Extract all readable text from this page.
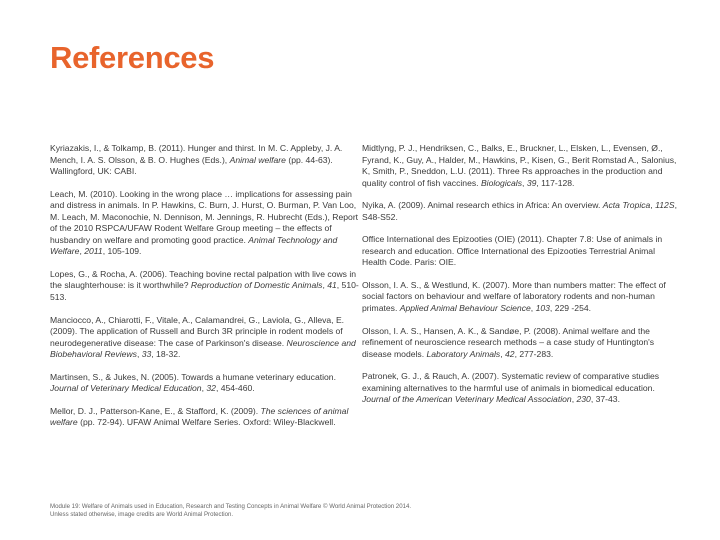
References

Kyriazakis, I., & Tolkamp, B. (2011). Hunger and thirst. In M. C. Appleby, J. A. Mench, I. A. S. Olsson, & B. O. Hughes (Eds.), Animal welfare (pp. 44-63). Wallingford, UK: CABI.

Leach, M. (2010). Looking in the wrong place … implications for assessing pain and distress in animals. In P. Hawkins, C. Burn, J. Hurst, O. Burman, P. Van Loo, M. Leach, M. Maconochie, N. Dennison, M. Jennings, R. Hubrecht (Eds.), Report of the 2010 RSPCA/UFAW Rodent Welfare Group meeting – the effects of husbandry on welfare and promoting good practice. Animal Technology and Welfare, 2011, 105-109.

Lopes, G., & Rocha, A. (2006). Teaching bovine rectal palpation with live cows in the slaughterhouse: is it worthwhile? Reproduction of Domestic Animals, 41, 510-513.

Manciocco, A., Chiarotti, F., Vitale, A., Calamandrei, G., Laviola, G., Alleva, E. (2009). The application of Russell and Burch 3R principle in rodent models of neurodegenerative disease: The case of Parkinson's disease. Neuroscience and Biobehavioral Reviews, 33, 18-32.

Martinsen, S., & Jukes, N. (2005). Towards a humane veterinary education. Journal of Veterinary Medical Education, 32, 454-460.

Mellor, D. J., Patterson-Kane, E., & Stafford, K. (2009). The sciences of animal welfare (pp. 72-94). UFAW Animal Welfare Series. Oxford: Wiley-Blackwell.

Midtlyng, P. J., Hendriksen, C., Balks, E., Bruckner, L., Elsken, L., Evensen, Ø., Fyrand, K., Guy, A., Halder, M., Hawkins, P., Kisen, G., Berit Romstad A., Salonius, K, Smith, P., Sneddon, L.U. (2011). Three Rs approaches in the production and quality control of fish vaccines. Biologicals, 39, 117-128.

Nyika, A. (2009). Animal research ethics in Africa: An overview. Acta Tropica, 112S, S48-S52.

Office International des Epizooties (OIE) (2011). Chapter 7.8: Use of animals in research and education. Office International des Epizooties Terrestrial Animal Health Code. Paris: OIE.

Olsson, I. A. S., & Westlund, K. (2007). More than numbers matter: The effect of social factors on behaviour and welfare of laboratory rodents and non-human primates. Applied Animal Behaviour Science, 103, 229 -254.

Olsson, I. A. S., Hansen, A. K., & Sandøe, P. (2008). Animal welfare and the refinement of neuroscience research methods – a case study of Huntington's disease models. Laboratory Animals, 42, 277-283.

Patronek, G. J., & Rauch, A. (2007). Systematic review of comparative studies examining alternatives to the harmful use of animals in biomedical education. Journal of the American Veterinary Medical Association, 230, 37-43.

Module 19: Welfare of Animals used in Education, Research and Testing Concepts in Animal Welfare © World Animal Protection 2014.
Unless stated otherwise, image credits are World Animal Protection.
